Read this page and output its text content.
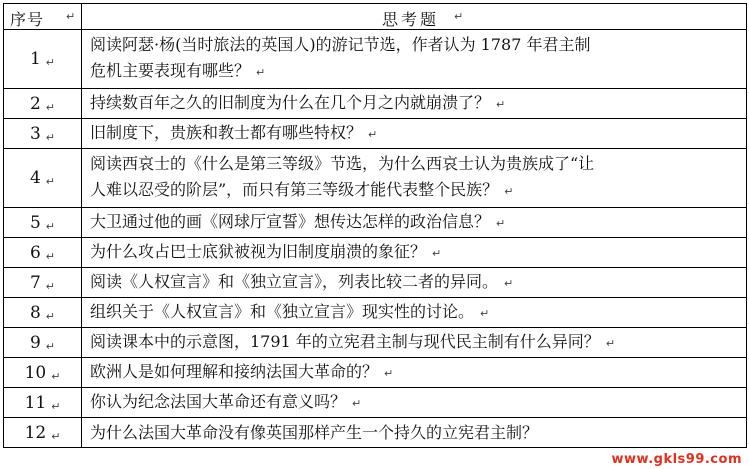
序号 ↵	思考题 ↵

1 ↵	阅读阿瑟·杨(当时旅法的英国人)的游记节选，作者认为 1787 年君主制
危机主要表现有哪些？ ↵
2 ↵	持续数百年之久的旧制度为什么在几个月之内就崩溃了？ ↵
3 ↵	旧制度下，贵族和教士都有哪些特权？ ↵
4 ↵	阅读西哀士的《什么是第三等级》节选，为什么西哀士认为贵族成了“让
人难以忍受的阶层”，而只有第三等级才能代表整个民族？ ↵
5 ↵	大卫通过他的画《网球厅宣誓》想传达怎样的政治信息？ ↵
6 ↵	为什么攻占巴士底狱被视为旧制度崩溃的象征？ ↵
7 ↵	阅读《人权宣言》和《独立宣言》，列表比较二者的异同。 ↵
8 ↵	组织关于《人权宣言》和《独立宣言》现实性的讨论。 ↵
9 ↵	阅读课本中的示意图，1791 年的立宪君主制与现代民主制有什么异同？ ↵
10 ↵	欧洲人是如何理解和接纳法国大革命的？ ↵
11 ↵	你认为纪念法国大革命还有意义吗？ ↵
12 ↵	为什么法国大革命没有像英国那样产生一个持久的立宪君主制？
www.gkls99.com
